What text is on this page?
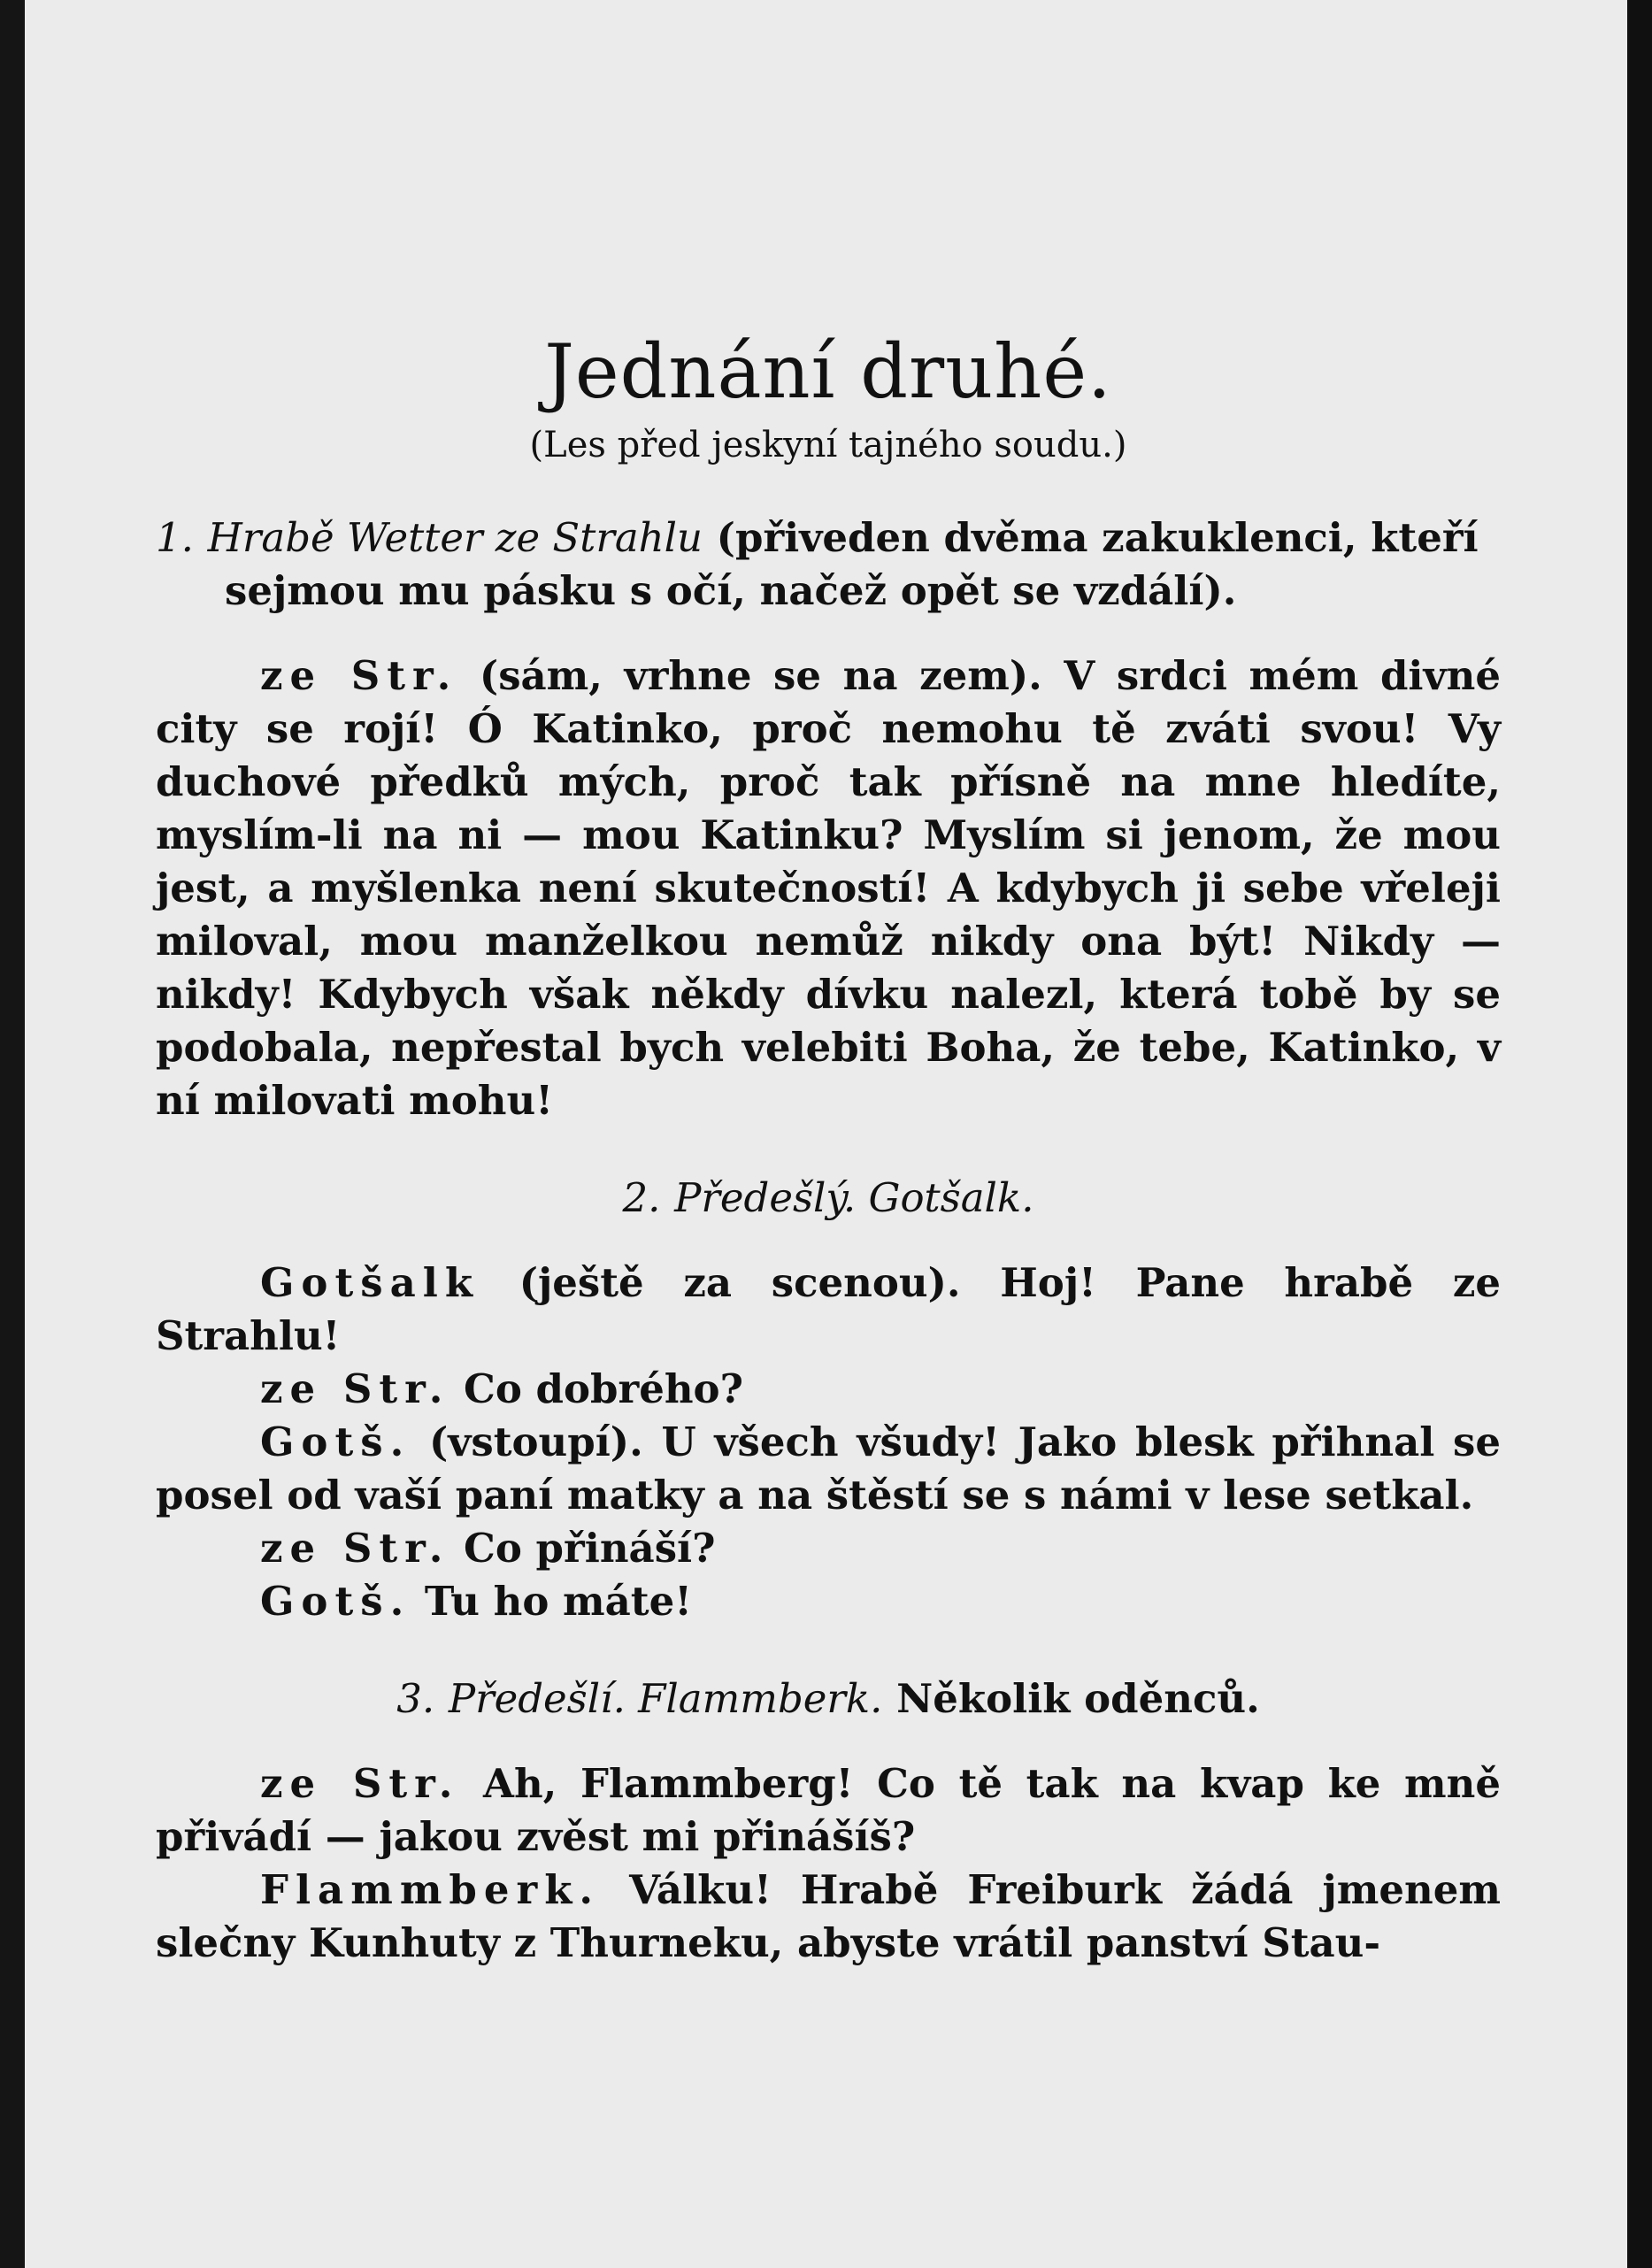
Jednání druhé.
(Les před jeskyní tajného soudu.)
1. Hrabě Wetter ze Strahlu (přiveden dvěma zakuklenci, kteří sejmou mu pásku s očí, načež opět se vzdálí).

ze Str. (sám, vrhne se na zem). V srdci mém divné city se rojí! Ó Katinko, proč nemohu tě zváti svou! Vy duchové předků mých, proč tak přísně na mne hledíte, myslím-li na ni — mou Katinku? Myslím si jenom, že mou jest, a myšlenka není skutečností! A kdybych ji sebe vřeleji miloval, mou manželkou nemůž nikdy ona být! Nikdy — nikdy! Kdybych však někdy dívku nalezl, která tobě by se podobala, nepřestal bych velebiti Boha, že tebe, Katinko, v ní milovati mohu!

2. Předešlý. Gotšalk.

Gotšalk (ještě za scenou). Hoj! Pane hrabě ze Strahlu!

ze Str. Co dobrého?

Gotš. (vstoupí). U všech všudy! Jako blesk přihnal se posel od vaší paní matky a na štěstí se s námi v lese setkal.

ze Str. Co přináší?

Gotš. Tu ho máte!

3. Předešlí. Flammberk. Několik oděnců.

ze Str. Ah, Flammberg! Co tě tak na kvap ke mně přivádí — jakou zvěst mi přinášíš?

Flammberk. Válku! Hrabě Freiburk žádá jmenem slečny Kunhuty z Thurneku, abyste vrátil panství Stau-
